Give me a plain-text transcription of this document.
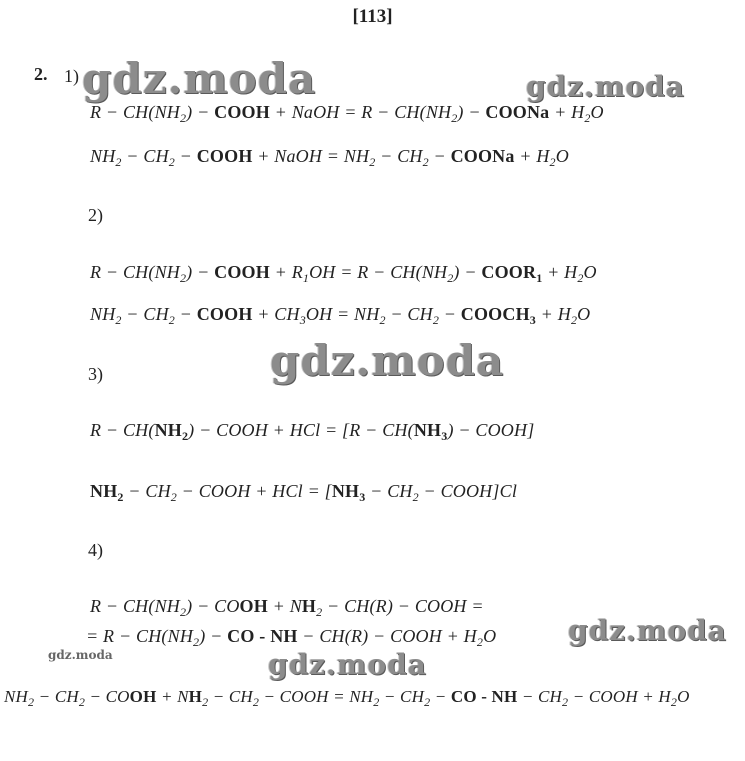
[113]
2. gdz.moda	gdz.moda
gdz.moda
gdz.moda
gdz.moda	gdz.moda
1)
2)
3)
4)
$R - CH(NH_2)$ − COOH + NaOH = $R - CH(NH_2)$ − COONa + $H_2O$
$NH_2 - CH_2$ − COOH + NaOH = $NH_2 - CH_2$ − COONa + $H_2O$
$R - CH(NH_2)$ − COOH + $R_1OH = R - CH(NH_2)$ − $COOR_1 + H_2O$
$NH_2 - CH_2$ − COOH + $CH_3OH = NH_2 - CH_2$ − $COOCH_3 + H_2O$
$R - CH(NH_2)$ − COOH + HCl = [$R - CH(NH_3)$ − COOH]
$NH_2 - CH_2$ − COOH + HCl = [$NH_3 - CH_2$ − COOH]Cl
$R - CH(NH_2)$ − COOH + $NH_2 - CH(R)$ − COOH =
= $R - CH(NH_2)$ − CO - NH − CH(R) − COOH + $H_2O$
$NH_2 - CH_2$ − COOH + $NH_2 - CH_2$ − COOH = $NH_2 - CH_2$ − CO - NH − $CH_2$ − COOH + $H_2O$
